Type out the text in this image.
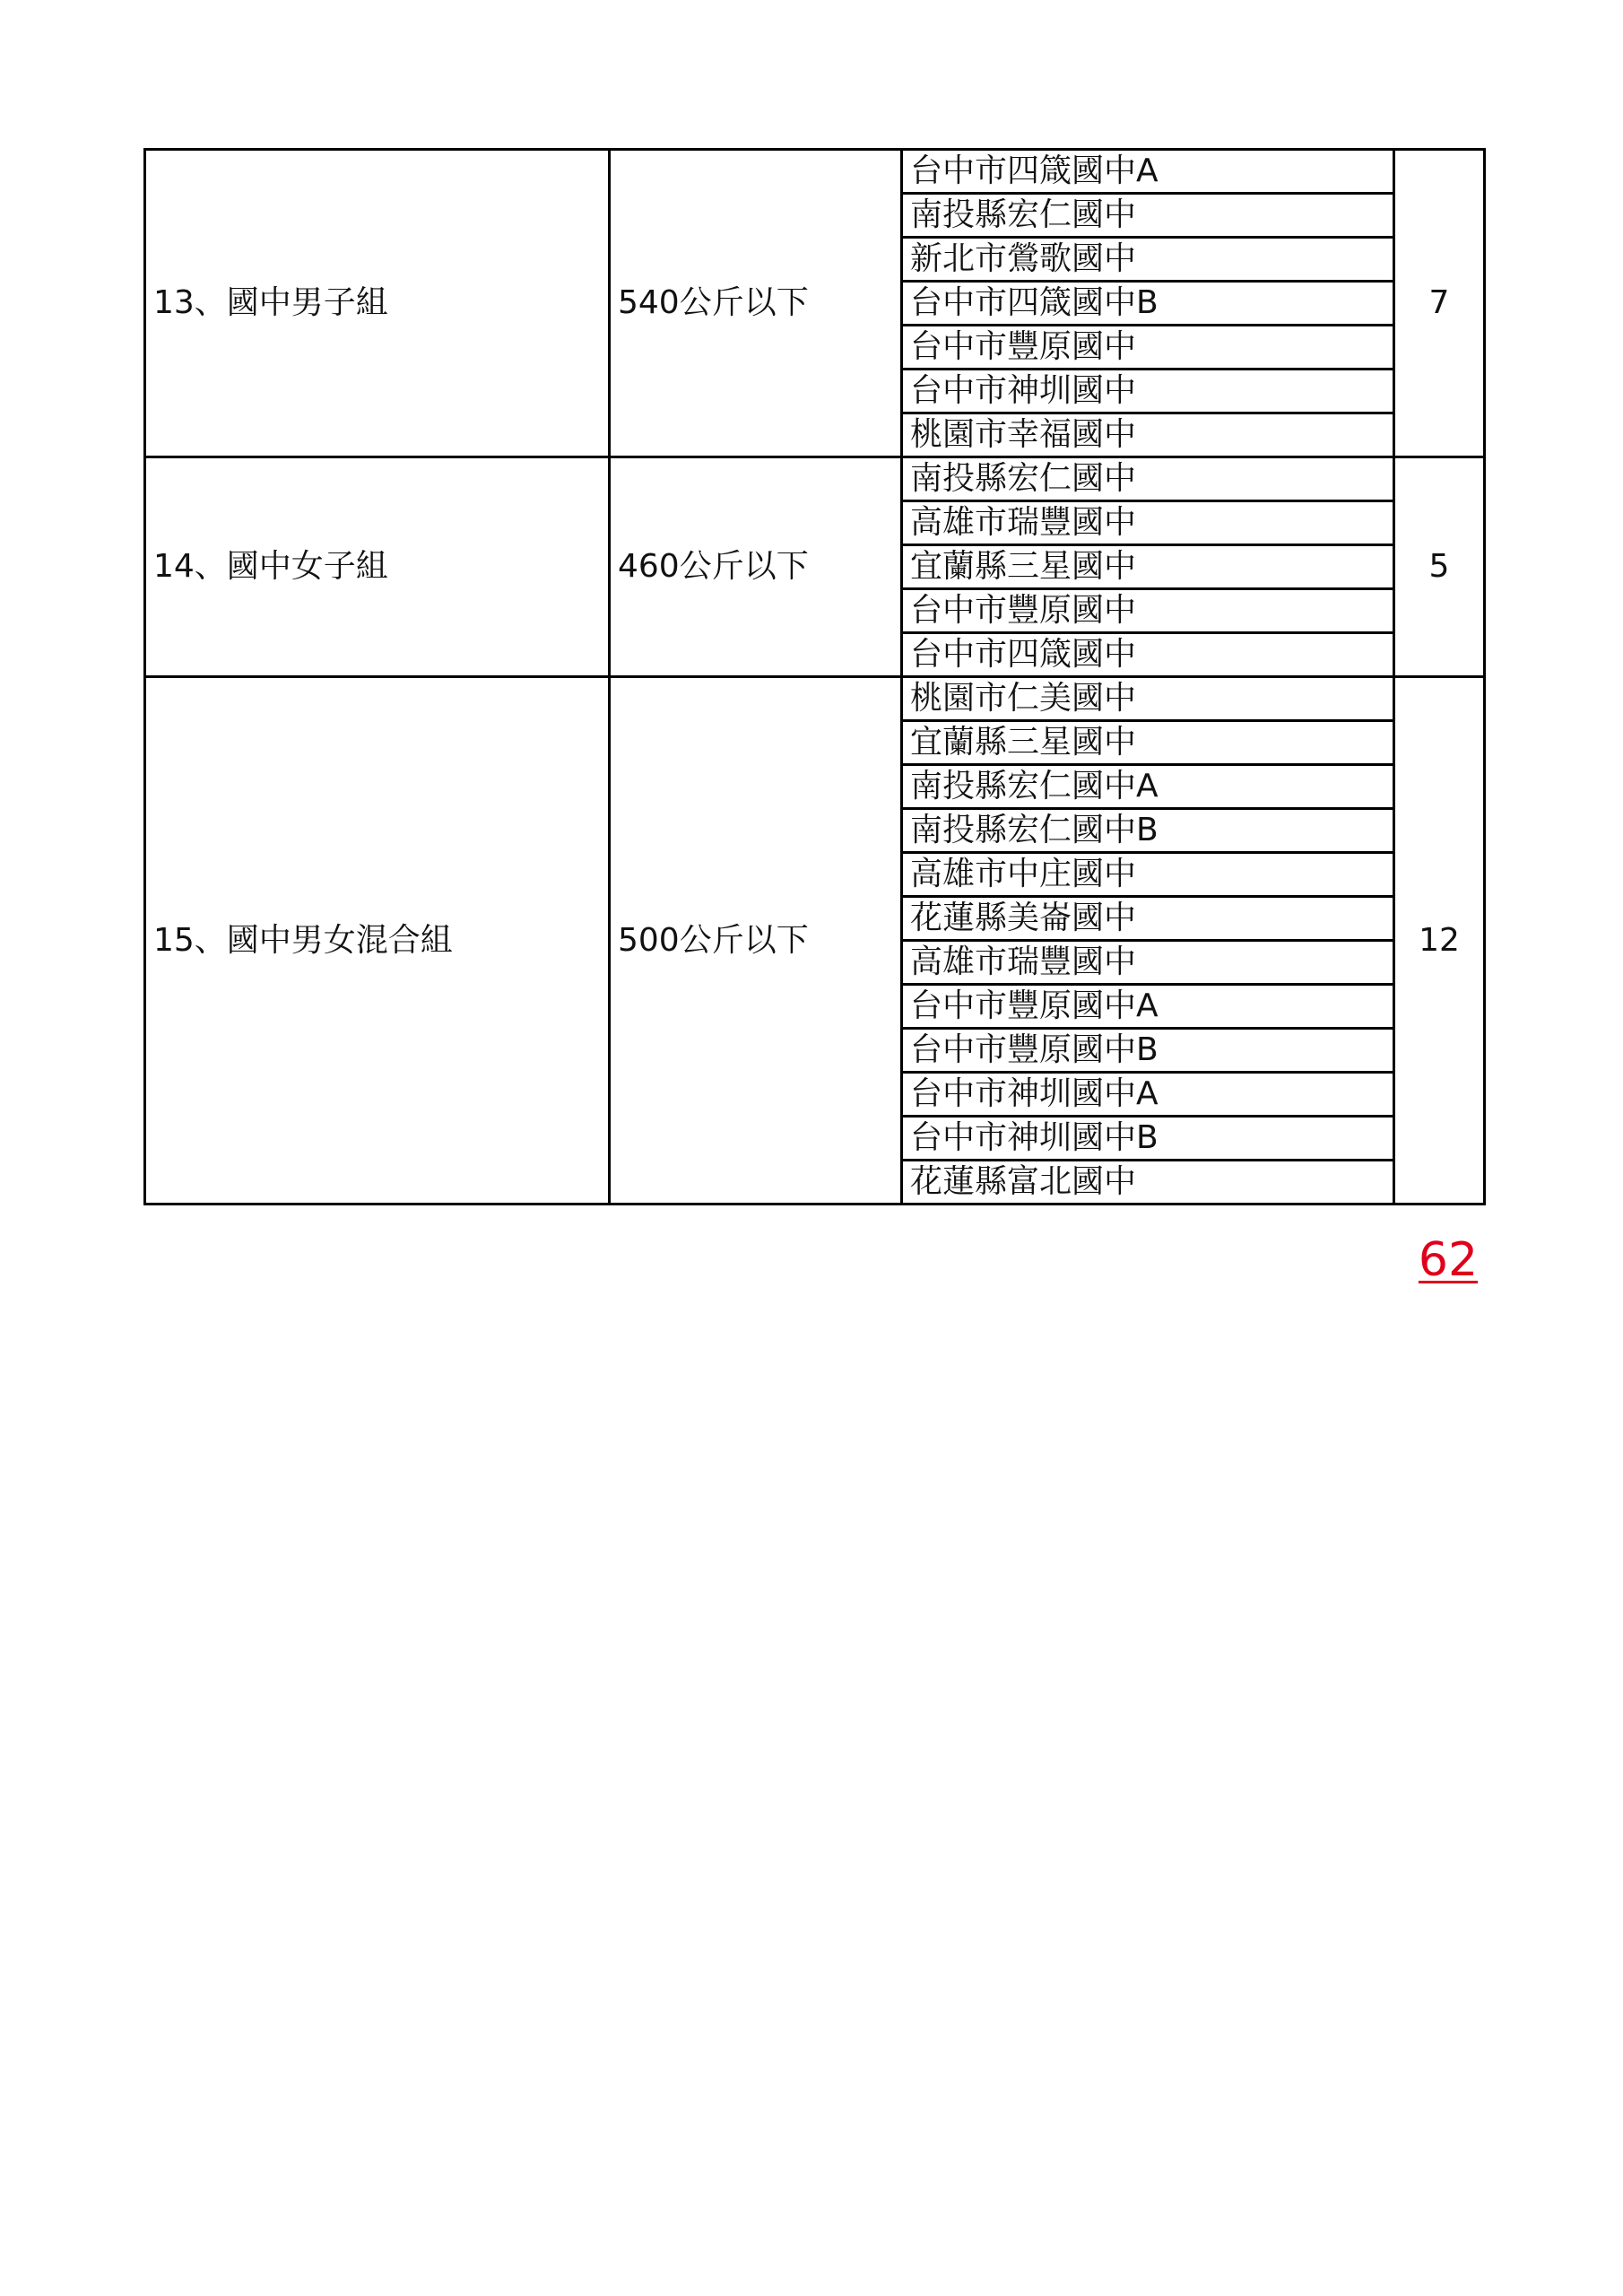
13、國中男子組	540公斤以下	台中市四箴國中A	7
		南投縣宏仁國中	
		新北市鶯歌國中	
		台中市四箴國中B	
		台中市豐原國中	
		台中市神圳國中	
		桃園市幸福國中	
14、國中女子組	460公斤以下	南投縣宏仁國中	5
		高雄市瑞豐國中	
		宜蘭縣三星國中	
		台中市豐原國中	
		台中市四箴國中	
15、國中男女混合組	500公斤以下	桃園市仁美國中	12
		宜蘭縣三星國中	
		南投縣宏仁國中A	
		南投縣宏仁國中B	
		高雄市中庄國中	
		花蓮縣美崙國中	
		高雄市瑞豐國中	
		台中市豐原國中A	
		台中市豐原國中B	
		台中市神圳國中A	
		台中市神圳國中B	
		花蓮縣富北國中	
62
